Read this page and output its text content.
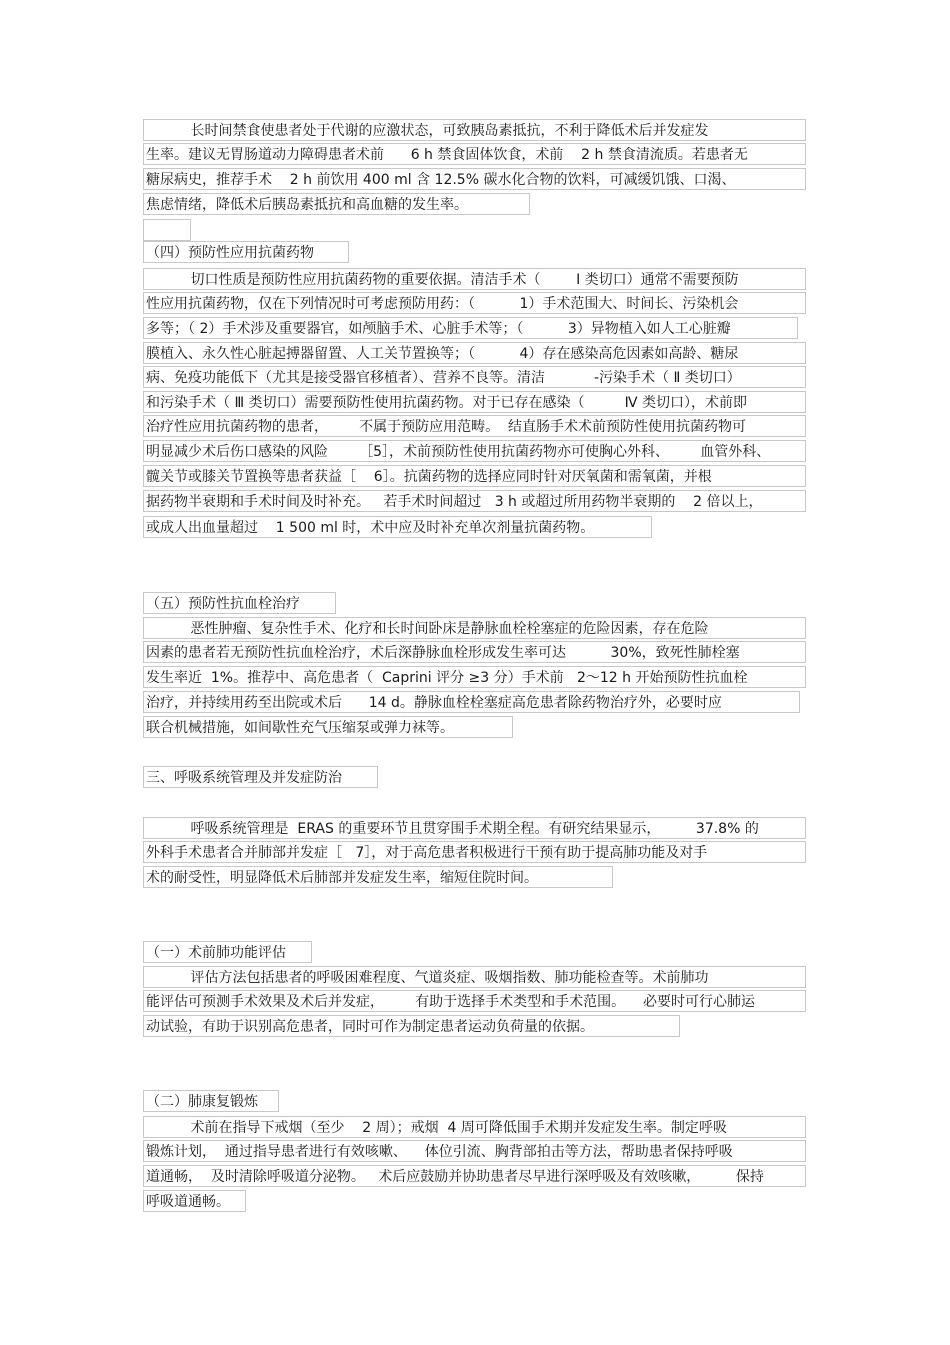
长时间禁食使患者处于代谢的应激状态，可致胰岛素抵抗，不利于降低术后并发症发
生率。建议无胃肠道动力障碍患者术前      6 h 禁食固体饮食，术前    2 h 禁食清流质。若患者无
糖尿病史，推荐手术    2 h 前饮用 400 ml 含 12.5% 碳水化合物的饮料，可减缓饥饿、口渴、
焦虑情绪，降低术后胰岛素抵抗和高血糖的发生率。
（四）预防性应用抗菌药物
切口性质是预防性应用抗菌药物的重要依据。清洁手术（        Ⅰ 类切口）通常不需要预防
性应用抗菌药物，仅在下列情况时可考虑预防用药：（          1）手术范围大、时间长、污染机会
多等；（ 2）手术涉及重要器官，如颅脑手术、心脏手术等；（          3）异物植入如人工心脏瓣
膜植入、永久性心脏起搏器留置、人工关节置换等；（          4）存在感染高危因素如高龄、糖尿
病、免疫功能低下（尤其是接受器官移植者）、营养不良等。清洁           -污染手术（ Ⅱ 类切口）
和污染手术（ Ⅲ 类切口）需要预防性使用抗菌药物。对于已存在感染（         Ⅳ 类切口），术前即
治疗性应用抗菌药物的患者，       不属于预防应用范畴。  结直肠手术术前预防性使用抗菌药物可
明显减少术后伤口感染的风险       ［5］，术前预防性使用抗菌药物亦可使胸心外科、       血管外科、
髋关节或膝关节置换等患者获益［    6］。抗菌药物的选择应同时针对厌氧菌和需氧菌，并根
据药物半衰期和手术时间及时补充。   若手术时间超过   3 h 或超过所用药物半衰期的    2 倍以上，
或成人出血量超过    1 500 ml 时，术中应及时补充单次剂量抗菌药物。
（五）预防性抗血栓治疗
恶性肿瘤、复杂性手术、化疗和长时间卧床是静脉血栓栓塞症的危险因素，存在危险
因素的患者若无预防性抗血栓治疗，术后深静脉血栓形成发生率可达          30%，致死性肺栓塞
发生率近  1%。推荐中、高危患者（  Caprini 评分 ≥3 分）手术前   2～12 h 开始预防性抗血栓
治疗，并持续用药至出院或术后      14 d。静脉血栓栓塞症高危患者除药物治疗外，必要时应
联合机械措施，如间歇性充气压缩泵或弹力袜等。
三、呼吸系统管理及并发症防治
呼吸系统管理是  ERAS 的重要环节且贯穿围手术期全程。有研究结果显示，        37.8% 的
外科手术患者合并肺部并发症［   7］，对于高危患者积极进行干预有助于提高肺功能及对手
术的耐受性，明显降低术后肺部并发症发生率，缩短住院时间。
（一）术前肺功能评估
评估方法包括患者的呼吸困难程度、气道炎症、吸烟指数、肺功能检查等。术前肺功
能评估可预测手术效果及术后并发症，       有助于选择手术类型和手术范围。    必要时可行心肺运
动试验，有助于识别高危患者，同时可作为制定患者运动负荷量的依据。
（二）肺康复锻炼
术前在指导下戒烟（至少    2 周）；戒烟  4 周可降低围手术期并发症发生率。制定呼吸
锻炼计划，  通过指导患者进行有效咳嗽、    体位引流、胸背部拍击等方法，帮助患者保持呼吸
道通畅，  及时清除呼吸道分泌物。   术后应鼓励并协助患者尽早进行深呼吸及有效咳嗽，        保持
呼吸道通畅。
